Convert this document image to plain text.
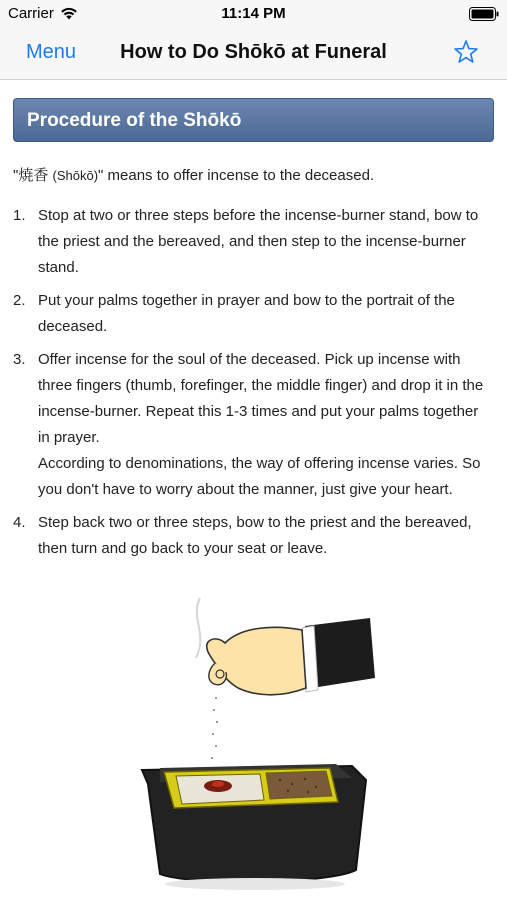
Carrier	11:14 PM
Menu	How to Do Shōkō at Funeral
Procedure of the Shōkō

"焼香 (Shōkō)" means to offer incense to the deceased.

1. Stop at two or three steps before the incense-burner stand, bow to the priest and the bereaved, and then step to the incense-burner stand.
2. Put your palms together in prayer and bow to the portrait of the deceased.
3. Offer incense for the soul of the deceased. Pick up incense with three fingers (thumb, forefinger, the middle finger) and drop it in the incense-burner. Repeat this 1-3 times and put your palms together in prayer.
According to denominations, the way of offering incense varies. So you don't have to worry about the manner, just give your heart.
4. Step back two or three steps, bow to the priest and the bereaved, then turn and go back to your seat or leave.
